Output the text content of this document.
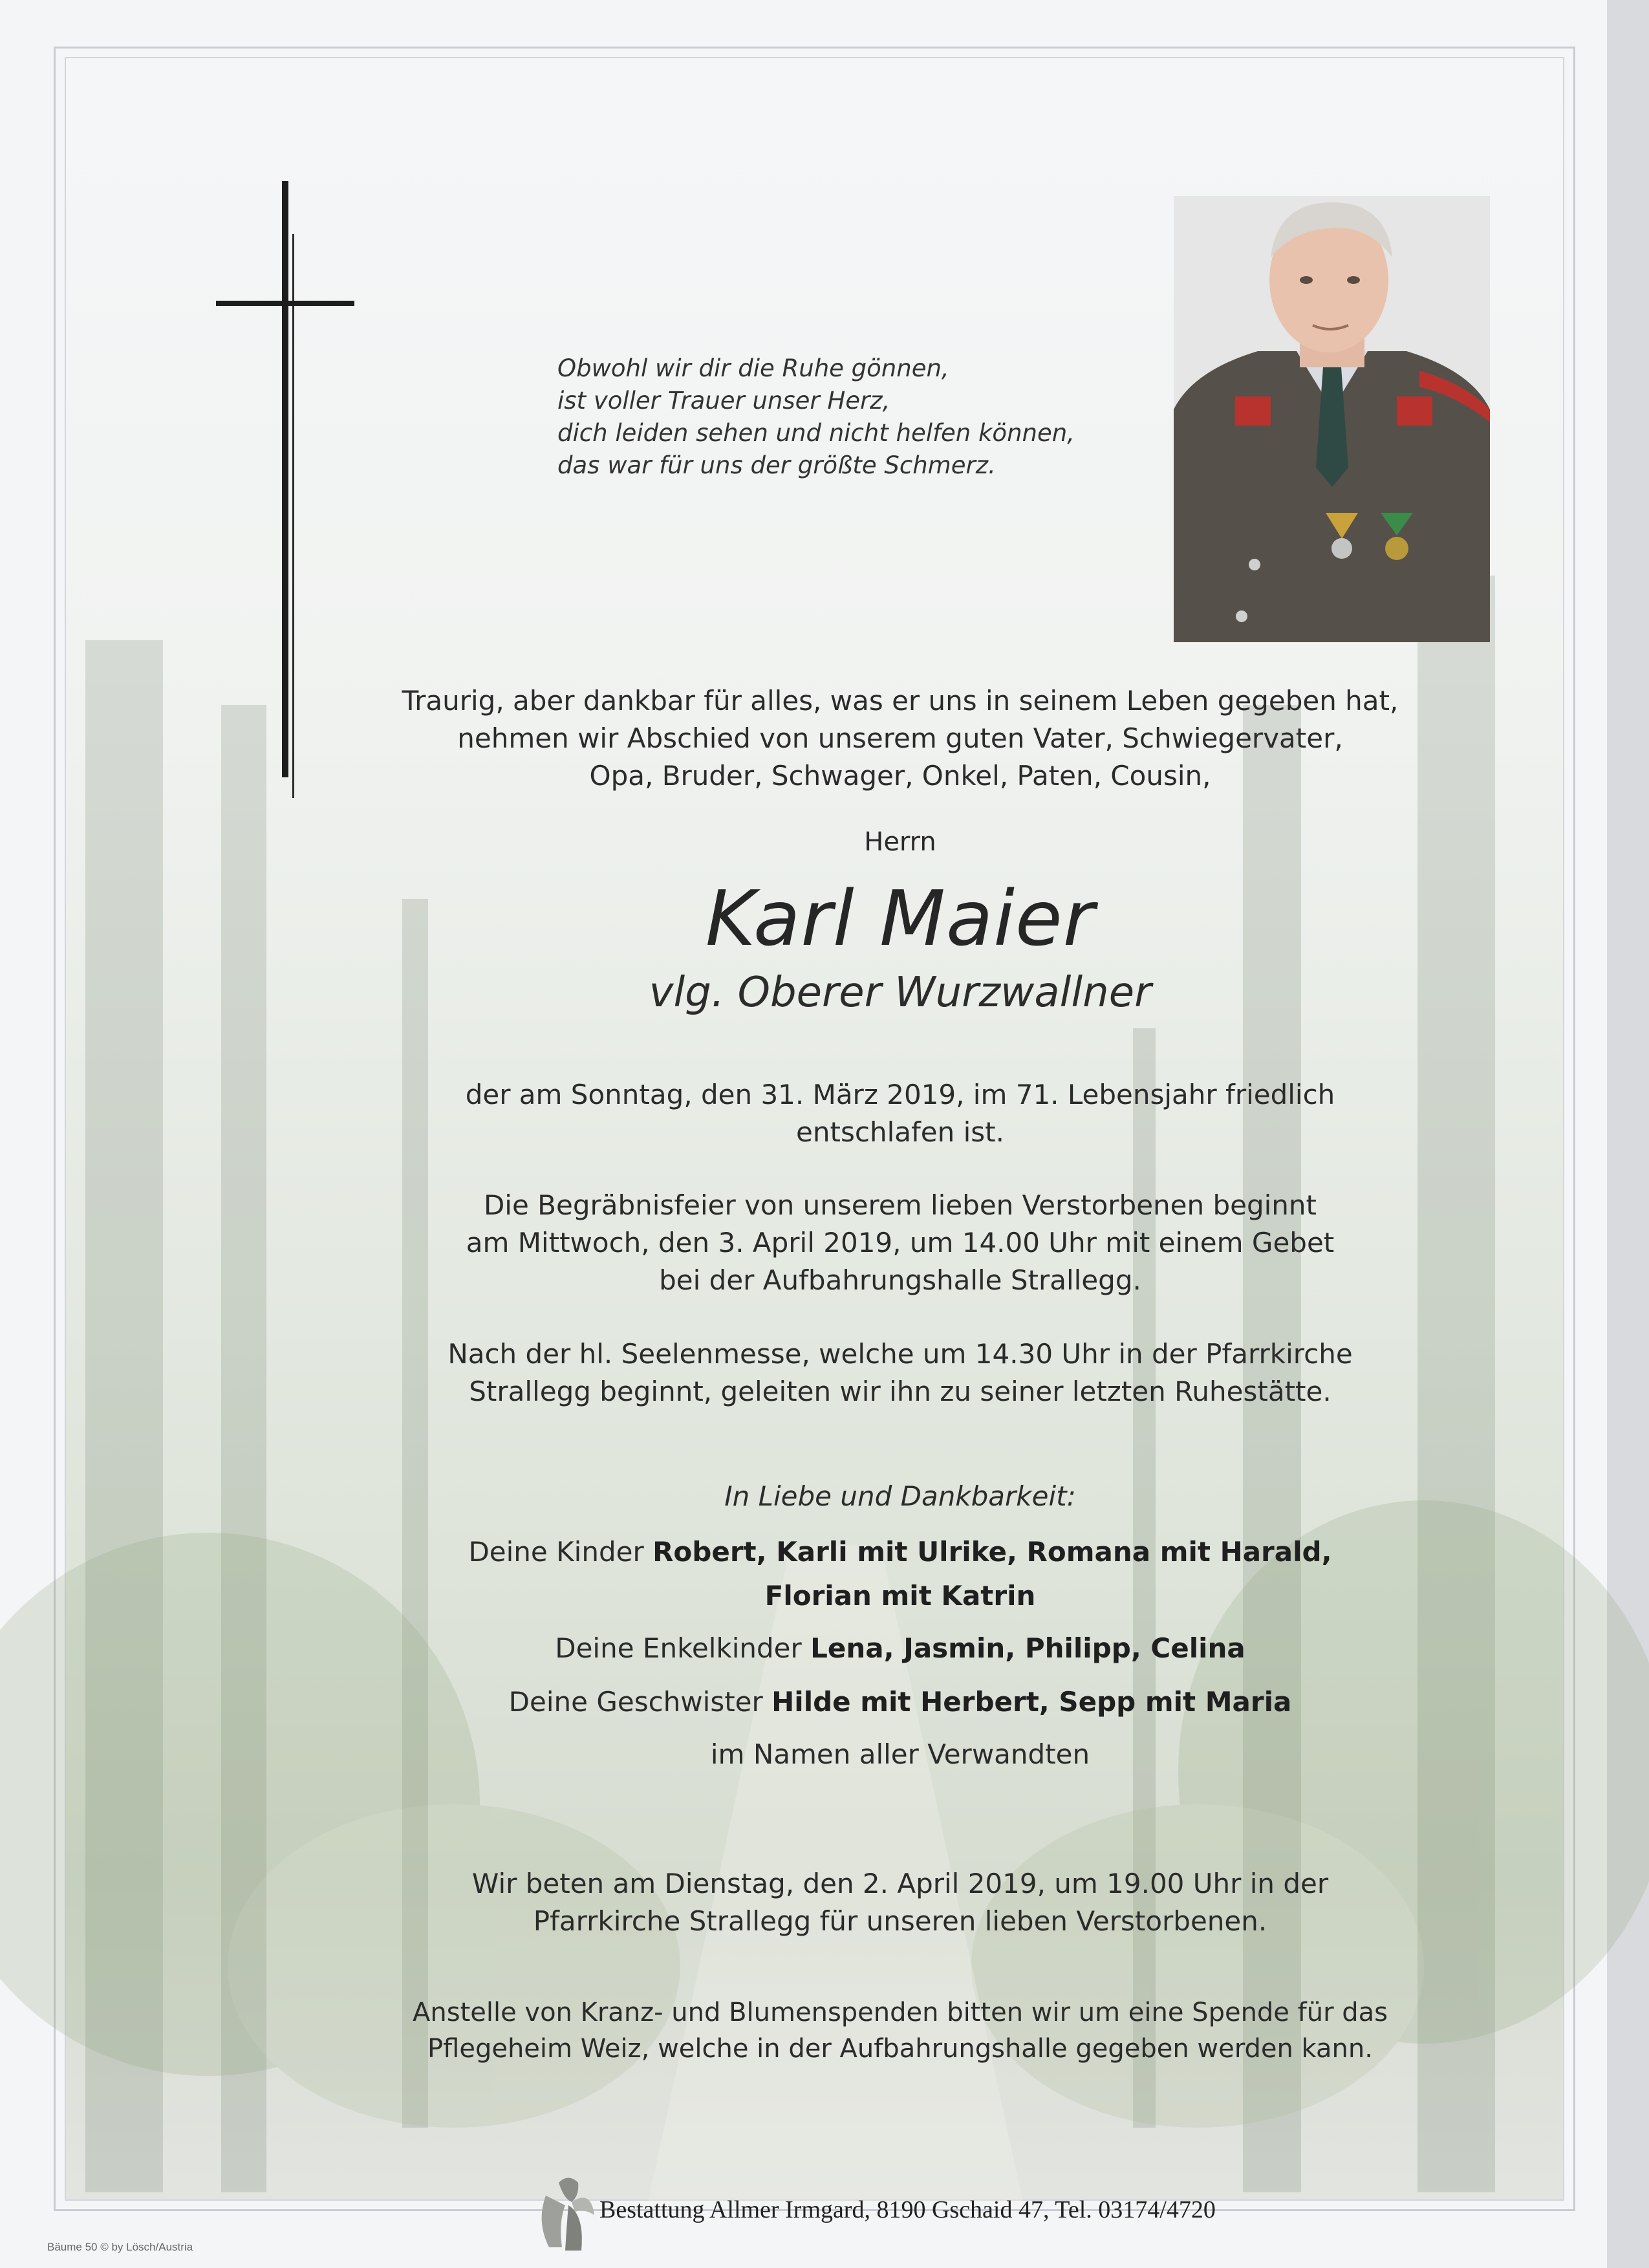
Obwohl wir dir die Ruhe gönnen,
ist voller Trauer unser Herz,
dich leiden sehen und nicht helfen können,
das war für uns der größte Schmerz.
Traurig, aber dankbar für alles, was er uns in seinem Leben gegeben hat,
nehmen wir Abschied von unserem guten Vater, Schwiegervater,
Opa, Bruder, Schwager, Onkel, Paten, Cousin,
Herrn
Karl Maier
vlg. Oberer Wurzwallner
der am Sonntag, den 31. März 2019, im 71. Lebensjahr friedlich
entschlafen ist.
Die Begräbnisfeier von unserem lieben Verstorbenen beginnt
am Mittwoch, den 3. April 2019, um 14.00 Uhr mit einem Gebet
bei der Aufbahrungshalle Strallegg.
Nach der hl. Seelenmesse, welche um 14.30 Uhr in der Pfarrkirche
Strallegg beginnt, geleiten wir ihn zu seiner letzten Ruhestätte.
In Liebe und Dankbarkeit:
Deine Kinder Robert, Karli mit Ulrike, Romana mit Harald,
Florian mit Katrin
Deine Enkelkinder Lena, Jasmin, Philipp, Celina
Deine Geschwister Hilde mit Herbert, Sepp mit Maria
im Namen aller Verwandten
Wir beten am Dienstag, den 2. April 2019, um 19.00 Uhr in der
Pfarrkirche Strallegg für unseren lieben Verstorbenen.
Anstelle von Kranz- und Blumenspenden bitten wir um eine Spende für das
Pflegeheim Weiz, welche in der Aufbahrungshalle gegeben werden kann.
Bestattung Allmer Irmgard, 8190 Gschaid 47, Tel. 03174/4720
Bäume 50 © by Lösch/Austria
